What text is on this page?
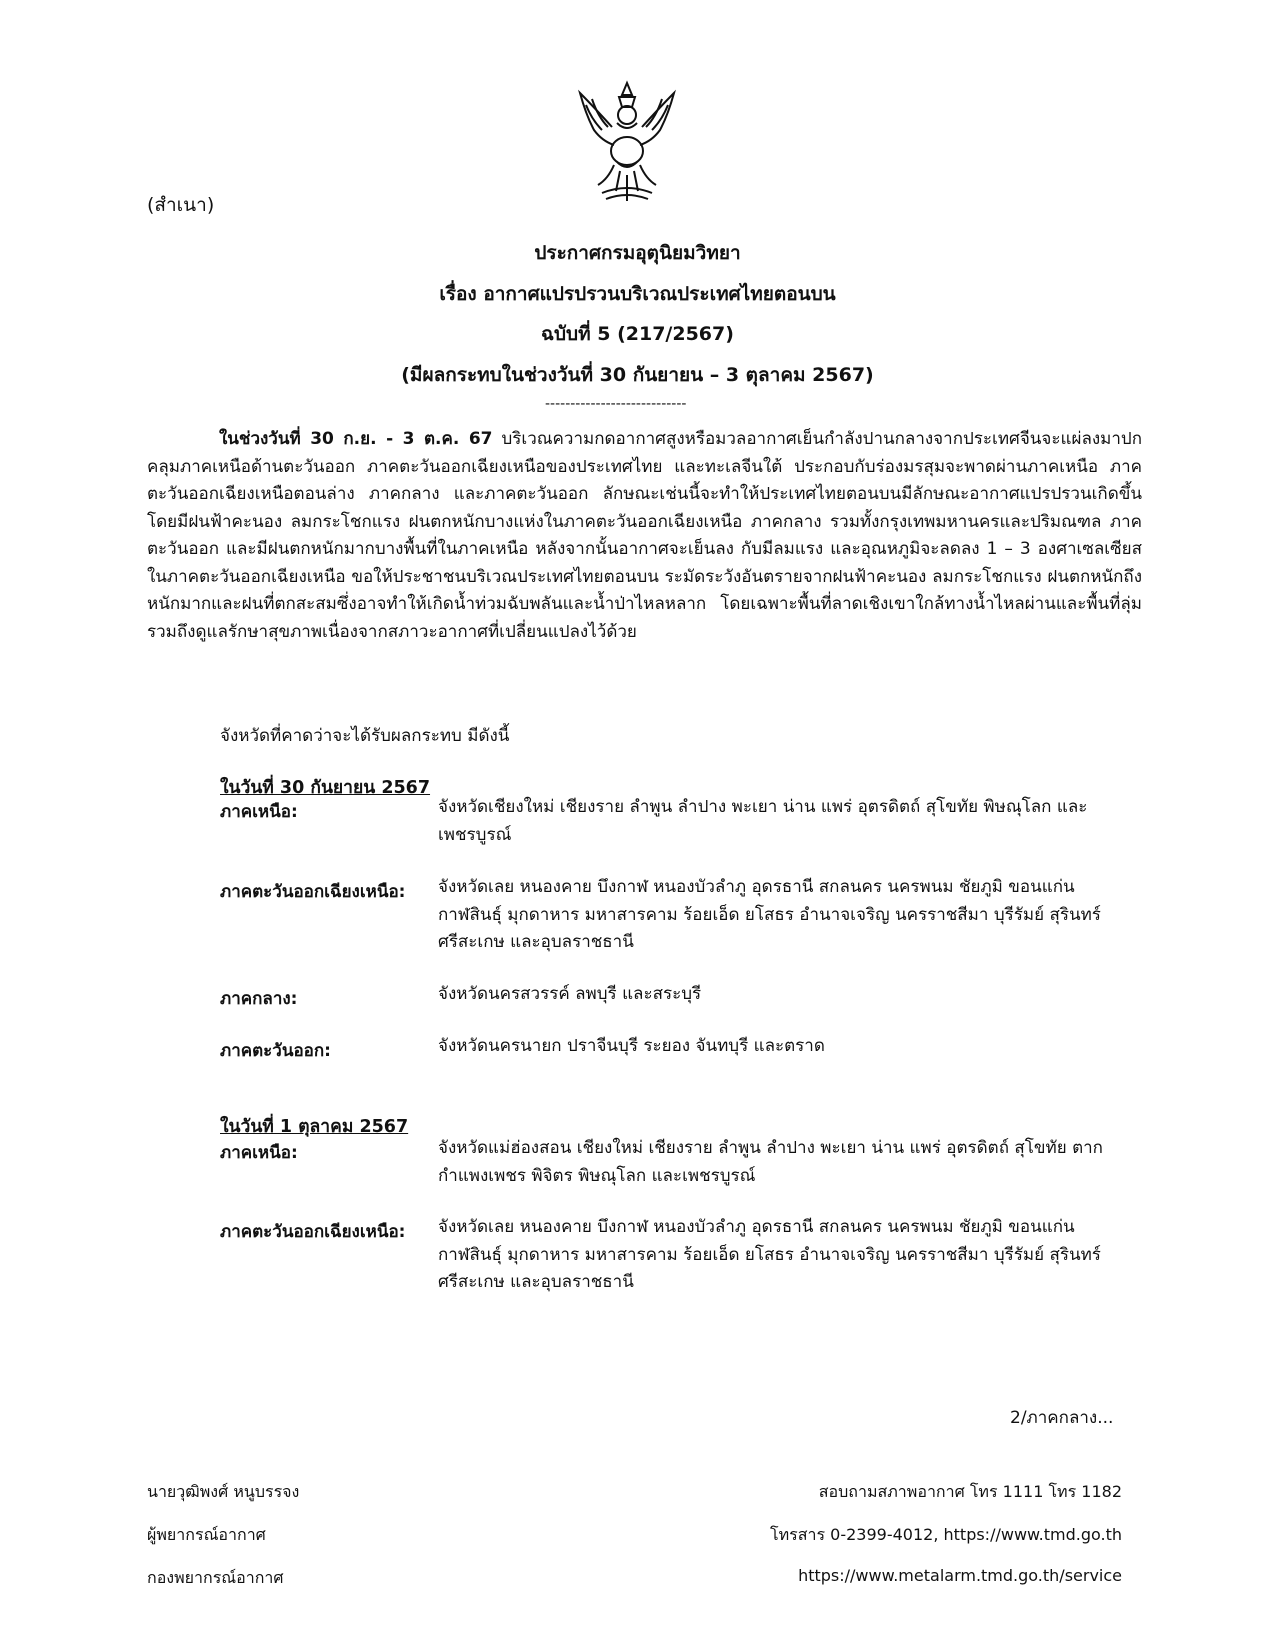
(สำเนา)
ประกาศกรมอุตุนิยมวิทยา
เรื่อง อากาศแปรปรวนบริเวณประเทศไทยตอนบน
ฉบับที่ 5 (217/2567)
(มีผลกระทบในช่วงวันที่ 30 กันยายน – 3 ตุลาคม 2567)
----------------------------
ในช่วงวันที่ 30 ก.ย. - 3 ต.ค. 67 บริเวณความกดอากาศสูงหรือมวลอากาศเย็นกำลังปานกลางจากประเทศจีนจะแผ่ลงมาปกคลุมภาคเหนือด้านตะวันออก ภาคตะวันออกเฉียงเหนือของประเทศไทย และทะเลจีนใต้ ประกอบกับร่องมรสุมจะพาดผ่านภาคเหนือ ภาคตะวันออกเฉียงเหนือตอนล่าง ภาคกลาง และภาคตะวันออก ลักษณะเช่นนี้จะทำให้ประเทศไทยตอนบนมีลักษณะอากาศแปรปรวนเกิดขึ้น โดยมีฝนฟ้าคะนอง ลมกระโชกแรง ฝนตกหนักบางแห่งในภาคตะวันออกเฉียงเหนือ ภาคกลาง รวมทั้งกรุงเทพมหานครและปริมณฑล ภาคตะวันออก และมีฝนตกหนักมากบางพื้นที่ในภาคเหนือ หลังจากนั้นอากาศจะเย็นลง กับมีลมแรง และอุณหภูมิจะลดลง 1 – 3 องศาเซลเซียสในภาคตะวันออกเฉียงเหนือ ขอให้ประชาชนบริเวณประเทศไทยตอนบน ระมัดระวังอันตรายจากฝนฟ้าคะนอง ลมกระโชกแรง ฝนตกหนักถึงหนักมากและฝนที่ตกสะสมซึ่งอาจทำให้เกิดน้ำท่วมฉับพลันและน้ำป่าไหลหลาก โดยเฉพาะพื้นที่ลาดเชิงเขาใกล้ทางน้ำไหลผ่านและพื้นที่ลุ่ม รวมถึงดูแลรักษาสุขภาพเนื่องจากสภาวะอากาศที่เปลี่ยนแปลงไว้ด้วย
จังหวัดที่คาดว่าจะได้รับผลกระทบ มีดังนี้
ในวันที่ 30 กันยายน 2567
ภาคเหนือ:	จังหวัดเชียงใหม่ เชียงราย ลำพูน ลำปาง พะเยา น่าน แพร่ อุตรดิตถ์ สุโขทัย พิษณุโลก และเพชรบูรณ์
ภาคตะวันออกเฉียงเหนือ:	จังหวัดเลย หนองคาย บึงกาฬ หนองบัวลำภู อุดรธานี สกลนคร นครพนม ชัยภูมิ ขอนแก่น กาฬสินธุ์ มุกดาหาร มหาสารคาม ร้อยเอ็ด ยโสธร อำนาจเจริญ นครราชสีมา บุรีรัมย์ สุรินทร์ ศรีสะเกษ และอุบลราชธานี
ภาคกลาง:	จังหวัดนครสวรรค์ ลพบุรี และสระบุรี
ภาคตะวันออก:	จังหวัดนครนายก ปราจีนบุรี ระยอง จันทบุรี และตราด
ในวันที่ 1 ตุลาคม 2567
ภาคเหนือ:	จังหวัดแม่ฮ่องสอน เชียงใหม่ เชียงราย ลำพูน ลำปาง พะเยา น่าน แพร่ อุตรดิตถ์ สุโขทัย ตาก กำแพงเพชร พิจิตร พิษณุโลก และเพชรบูรณ์
ภาคตะวันออกเฉียงเหนือ:	จังหวัดเลย หนองคาย บึงกาฬ หนองบัวลำภู อุดรธานี สกลนคร นครพนม ชัยภูมิ ขอนแก่น กาฬสินธุ์ มุกดาหาร มหาสารคาม ร้อยเอ็ด ยโสธร อำนาจเจริญ นครราชสีมา บุรีรัมย์ สุรินทร์ ศรีสะเกษ และอุบลราชธานี
2/ภาคกลาง...
นายวุฒิพงศ์ หนูบรรจง
ผู้พยากรณ์อากาศ
กองพยากรณ์อากาศ
สอบถามสภาพอากาศ โทร 1111 โทร 1182
โทรสาร 0-2399-4012, https://www.tmd.go.th
https://www.metalarm.tmd.go.th/service
